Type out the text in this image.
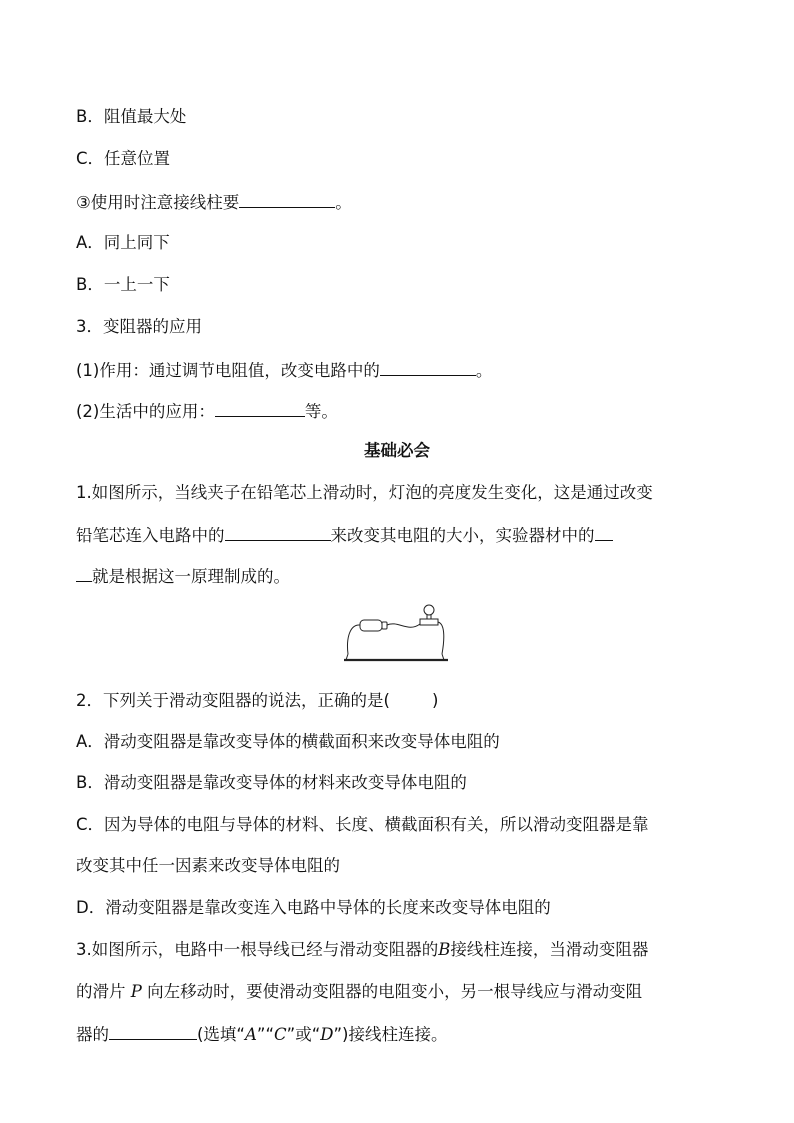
B．阻值最大处
C．任意位置
③使用时注意接线柱要	。
A．同上同下
B．一上一下
3．变阻器的应用
(1)作用：通过调节电阻值，改变电路中的	。
(2)生活中的应用：	等。
基础必会
1.如图所示，当线夹子在铅笔芯上滑动时，灯泡的亮度发生变化，这是通过改变
铅笔芯连入电路中的	来改变其电阻的大小，实验器材中的
就是根据这一原理制成的。
2．下列关于滑动变阻器的说法，正确的是(	)
A．滑动变阻器是靠改变导体的横截面积来改变导体电阻的
B．滑动变阻器是靠改变导体的材料来改变导体电阻的
C．因为导体的电阻与导体的材料、长度、横截面积有关，所以滑动变阻器是靠
改变其中任一因素来改变导体电阻的
D．滑动变阻器是靠改变连入电路中导体的长度来改变导体电阻的
3.如图所示，电路中一根导线已经与滑动变阻器的B接线柱连接，当滑动变阻器
的滑片 P 向左移动时，要使滑动变阻器的电阻变小，另一根导线应与滑动变阻
器的	(选填“A”“C”或“D”)接线柱连接。
